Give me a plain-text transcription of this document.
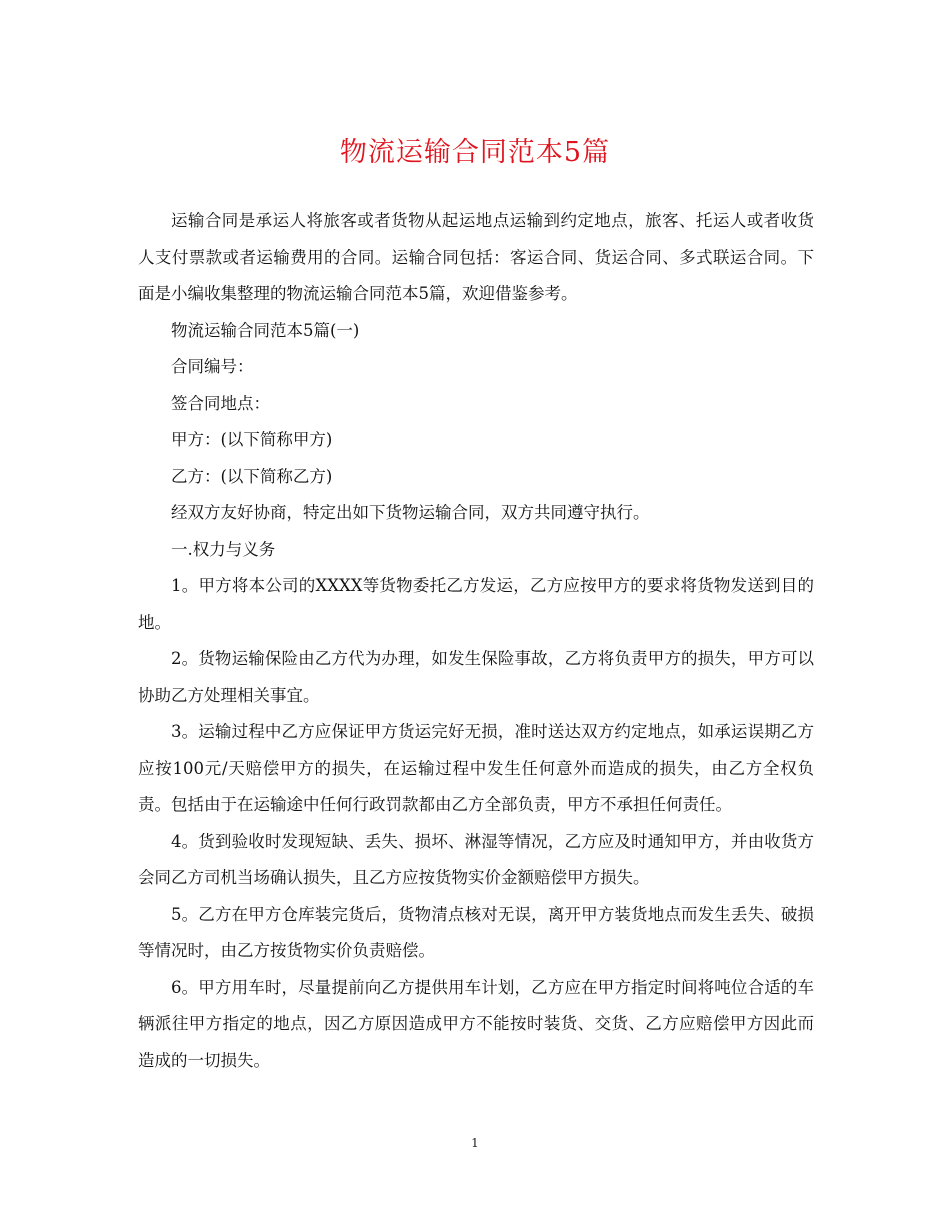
物流运输合同范本5篇

运输合同是承运人将旅客或者货物从起运地点运输到约定地点，旅客、托运人或者收货人支付票款或者运输费用的合同。运输合同包括：客运合同、货运合同、多式联运合同。下面是小编收集整理的物流运输合同范本5篇，欢迎借鉴参考。

物流运输合同范本5篇(一)

合同编号：

签合同地点：

甲方：(以下简称甲方)

乙方：(以下简称乙方)

经双方友好协商，特定出如下货物运输合同，双方共同遵守执行。

一.权力与义务

1。甲方将本公司的XXXX等货物委托乙方发运，乙方应按甲方的要求将货物发送到目的地。

2。货物运输保险由乙方代为办理，如发生保险事故，乙方将负责甲方的损失，甲方可以协助乙方处理相关事宜。

3。运输过程中乙方应保证甲方货运完好无损，准时送达双方约定地点，如承运误期乙方应按100元/天赔偿甲方的损失，在运输过程中发生任何意外而造成的损失，由乙方全权负责。包括由于在运输途中任何行政罚款都由乙方全部负责，甲方不承担任何责任。

4。货到验收时发现短缺、丢失、损坏、淋湿等情况，乙方应及时通知甲方，并由收货方会同乙方司机当场确认损失，且乙方应按货物实价金额赔偿甲方损失。

5。乙方在甲方仓库装完货后，货物清点核对无误，离开甲方装货地点而发生丢失、破损等情况时，由乙方按货物实价负责赔偿。

6。甲方用车时，尽量提前向乙方提供用车计划，乙方应在甲方指定时间将吨位合适的车辆派往甲方指定的地点，因乙方原因造成甲方不能按时装货、交货、乙方应赔偿甲方因此而造成的一切损失。

1
